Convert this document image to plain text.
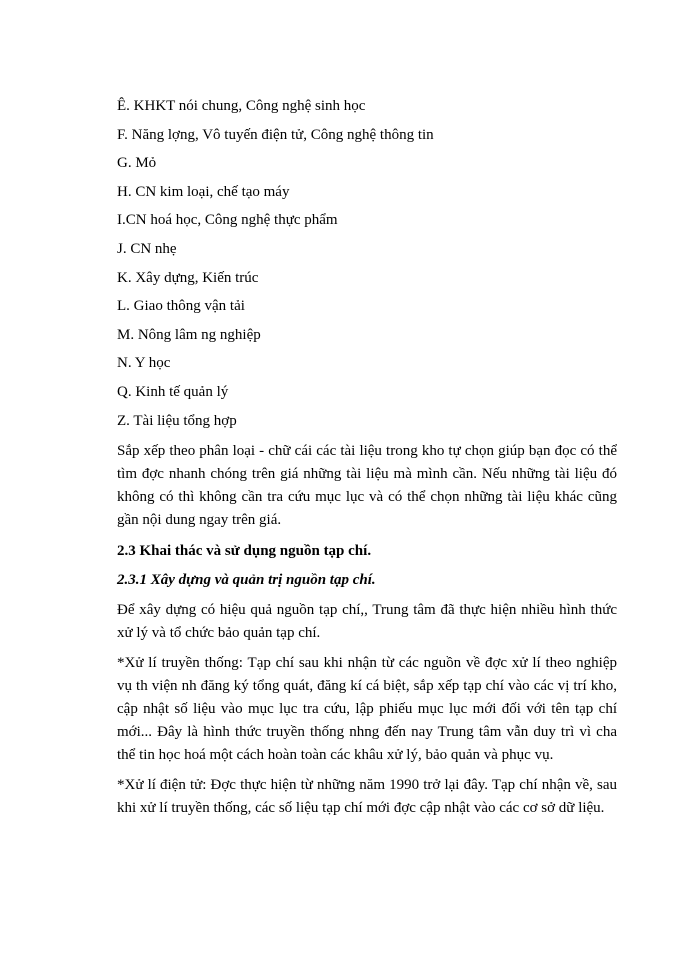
Ê. KHKT nói chung, Công nghệ sinh học
F. Năng lợng, Vô tuyến điện tử, Công nghệ thông tin
G. Mỏ
H. CN kim loại, chế tạo máy
I.CN hoá học, Công nghệ thực phẩm
J. CN nhẹ
K. Xây dựng, Kiến trúc
L. Giao thông vận tải
M. Nông lâm ng nghiệp
N. Y học
Q. Kinh tế quản lý
Z. Tài liệu tổng hợp

Sắp xếp theo phân loại - chữ cái các tài liệu trong kho tự chọn giúp bạn đọc có thể tìm đợc nhanh chóng trên giá những tài liệu mà mình cần. Nếu những tài liệu đó không có thì không cần tra cứu mục lục và có thể chọn những tài liệu khác cũng gần nội dung ngay trên giá.

2.3 Khai thác và sử dụng nguồn tạp chí.
2.3.1 Xây dựng và quản trị nguồn tạp chí.

Để xây dựng có hiệu quả nguồn tạp chí,, Trung tâm đã thực hiện nhiều hình thức xử lý và tổ chức bảo quản tạp chí.

*Xử lí truyền thống: Tạp chí sau khi nhận từ các nguồn về đợc xử lí theo nghiệp vụ th viện nh đăng ký tổng quát, đăng kí cá biệt, sắp xếp tạp chí vào các vị trí kho, cập nhật số liệu vào mục lục tra cứu, lập phiếu mục lục mới đối với tên tạp chí mới... Đây là hình thức truyền thống nhng đến nay Trung tâm vẫn duy trì vì cha thể tin học hoá một cách hoàn toàn các khâu xử lý, bảo quản và phục vụ.

*Xử lí điện tử: Đợc thực hiện từ những năm 1990 trở lại đây. Tạp chí nhận về, sau khi xử lí truyền thống, các số liệu tạp chí mới đợc cập nhật vào các cơ sở dữ liệu.
